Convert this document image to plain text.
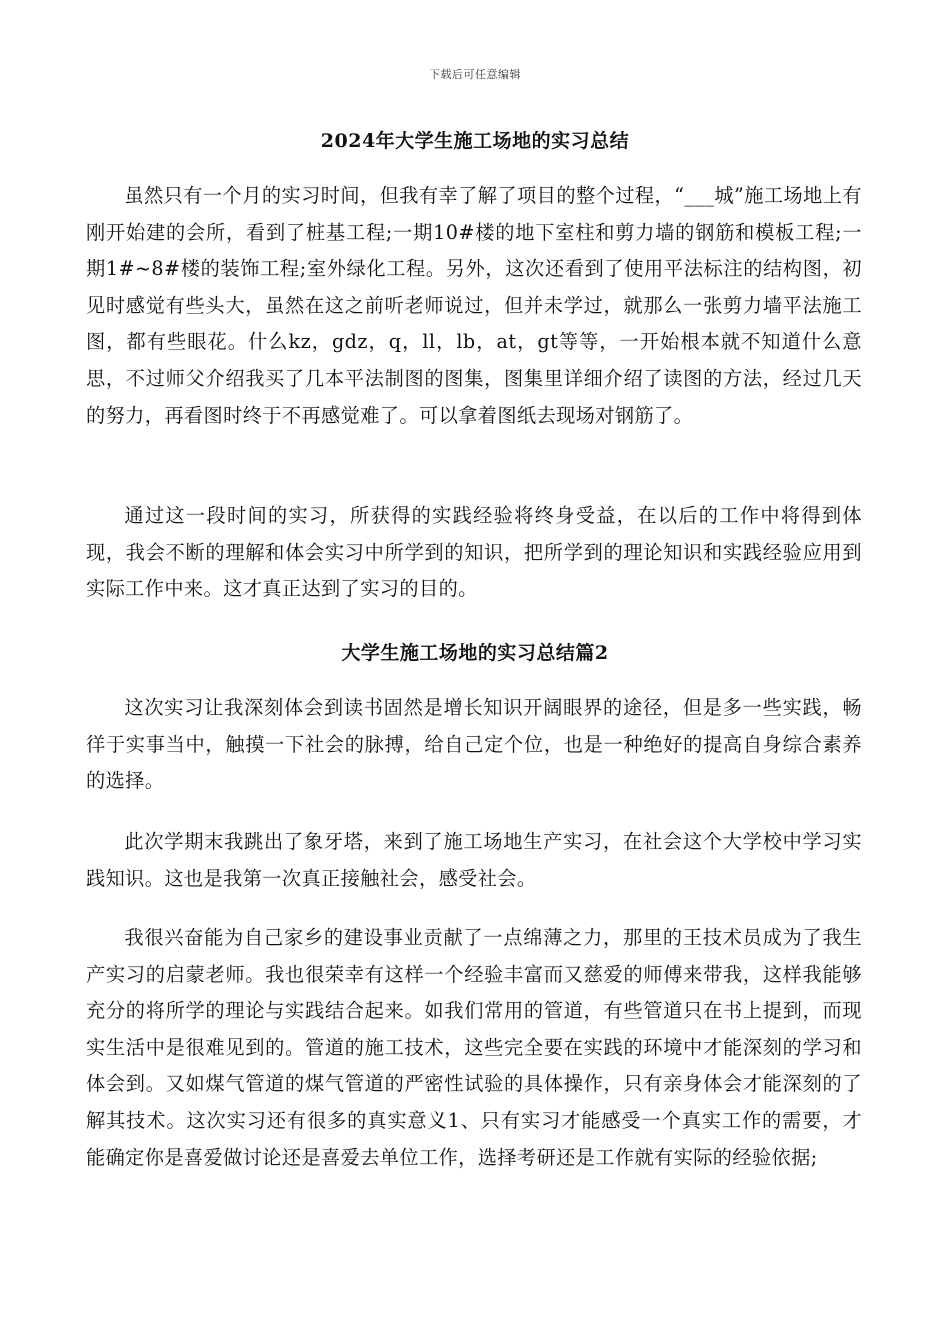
下载后可任意编辑
2024年大学生施工场地的实习总结

虽然只有一个月的实习时间，但我有幸了解了项目的整个过程，“___城”施工场地上有刚开始建的会所，看到了桩基工程;一期10#楼的地下室柱和剪力墙的钢筋和模板工程;一期1#~8#楼的装饰工程;室外绿化工程。另外，这次还看到了使用平法标注的结构图，初见时感觉有些头大，虽然在这之前听老师说过，但并未学过，就那么一张剪力墙平法施工图，都有些眼花。什么kz，gdz，q，ll，lb，at，gt等等，一开始根本就不知道什么意思，不过师父介绍我买了几本平法制图的图集，图集里详细介绍了读图的方法，经过几天的努力，再看图时终于不再感觉难了。可以拿着图纸去现场对钢筋了。

通过这一段时间的实习，所获得的实践经验将终身受益，在以后的工作中将得到体现，我会不断的理解和体会实习中所学到的知识，把所学到的理论知识和实践经验应用到实际工作中来。这才真正达到了实习的目的。

大学生施工场地的实习总结篇2

这次实习让我深刻体会到读书固然是增长知识开阔眼界的途径，但是多一些实践，畅徉于实事当中，触摸一下社会的脉搏，给自己定个位，也是一种绝好的提高自身综合素养的选择。

此次学期末我跳出了象牙塔，来到了施工场地生产实习，在社会这个大学校中学习实践知识。这也是我第一次真正接触社会，感受社会。

我很兴奋能为自己家乡的建设事业贡献了一点绵薄之力，那里的王技术员成为了我生产实习的启蒙老师。我也很荣幸有这样一个经验丰富而又慈爱的师傅来带我，这样我能够充分的将所学的理论与实践结合起来。如我们常用的管道，有些管道只在书上提到，而现实生活中是很难见到的。管道的施工技术，这些完全要在实践的环境中才能深刻的学习和体会到。又如煤气管道的煤气管道的严密性试验的具体操作，只有亲身体会才能深刻的了解其技术。这次实习还有很多的真实意义1、只有实习才能感受一个真实工作的需要，才能确定你是喜爱做讨论还是喜爱去单位工作，选择考研还是工作就有实际的经验依据;
